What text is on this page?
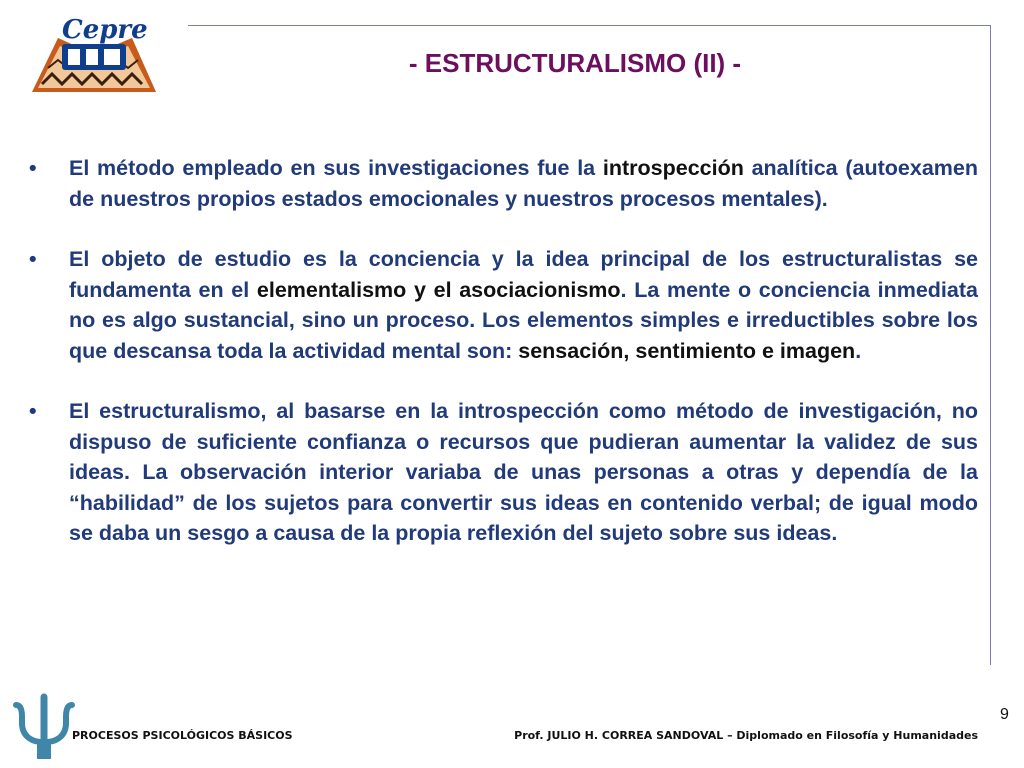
Cepre
- ESTRUCTURALISMO (II) -
• El método empleado en sus investigaciones fue la introspección analítica (autoexamen de nuestros propios estados emocionales y nuestros procesos mentales).
• El objeto de estudio es la conciencia y la idea principal de los estructuralistas se fundamenta en el elementalismo y el asociacionismo. La mente o conciencia inmediata no es algo sustancial, sino un proceso. Los elementos simples e irreductibles sobre los que descansa toda la actividad mental son: sensación, sentimiento e imagen.
• El estructuralismo, al basarse en la introspección como método de investigación, no dispuso de suficiente confianza o recursos que pudieran aumentar la validez de sus ideas. La observación interior variaba de unas personas a otras y dependía de la “habilidad” de los sujetos para convertir sus ideas en contenido verbal; de igual modo se daba un sesgo a causa de la propia reflexión del sujeto sobre sus ideas.
PROCESOS PSICOLÓGICOS BÁSICOS	Prof. JULIO H. CORREA SANDOVAL – Diplomado en Filosofía y Humanidades
9
